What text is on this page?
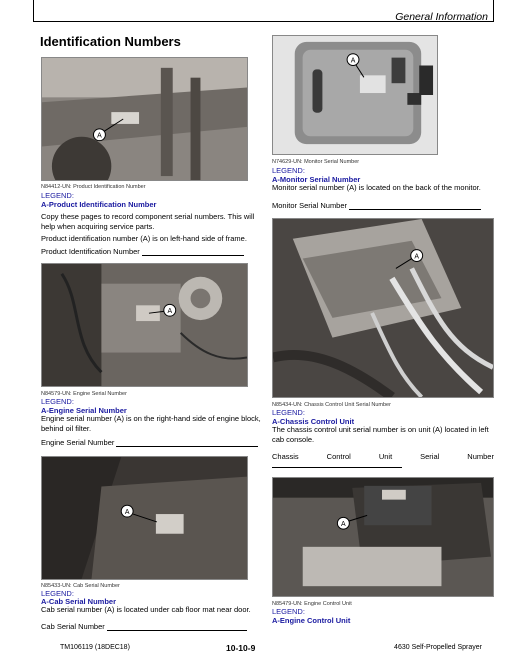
General Information
Identification Numbers
A
N84412-UN: Product Identification Number
LEGEND:
A-Product Identification Number
Copy these pages to record component serial numbers. This will help when acquiring service parts.
Product identification number (A) is on left-hand side of frame.
Product Identification Number
A
N84579-UN: Engine Serial Number
LEGEND:
A-Engine Serial Number
Engine serial number (A) is on the right-hand side of engine block, behind oil filter.
Engine Serial Number
A
N85433-UN: Cab Serial Number
LEGEND:
A-Cab Serial Number
Cab serial number (A) is located under cab floor mat near door.
Cab Serial Number
A
N74629-UN: Monitor Serial Number
LEGEND:
A-Monitor Serial Number
Monitor serial number (A) is located on the back of the monitor.
Monitor Serial Number
A
N85434-UN: Chassis Control Unit Serial Number
LEGEND:
A-Chassis Control Unit
The chassis control unit serial number is on unit (A) located in left cab console.
Chassis	Control	Unit	Serial	Number
A
N85479-UN: Engine Control Unit
LEGEND:
A-Engine Control Unit
TM106119 (18DEC18)	10-10-9	4630 Self-Propelled Sprayer
